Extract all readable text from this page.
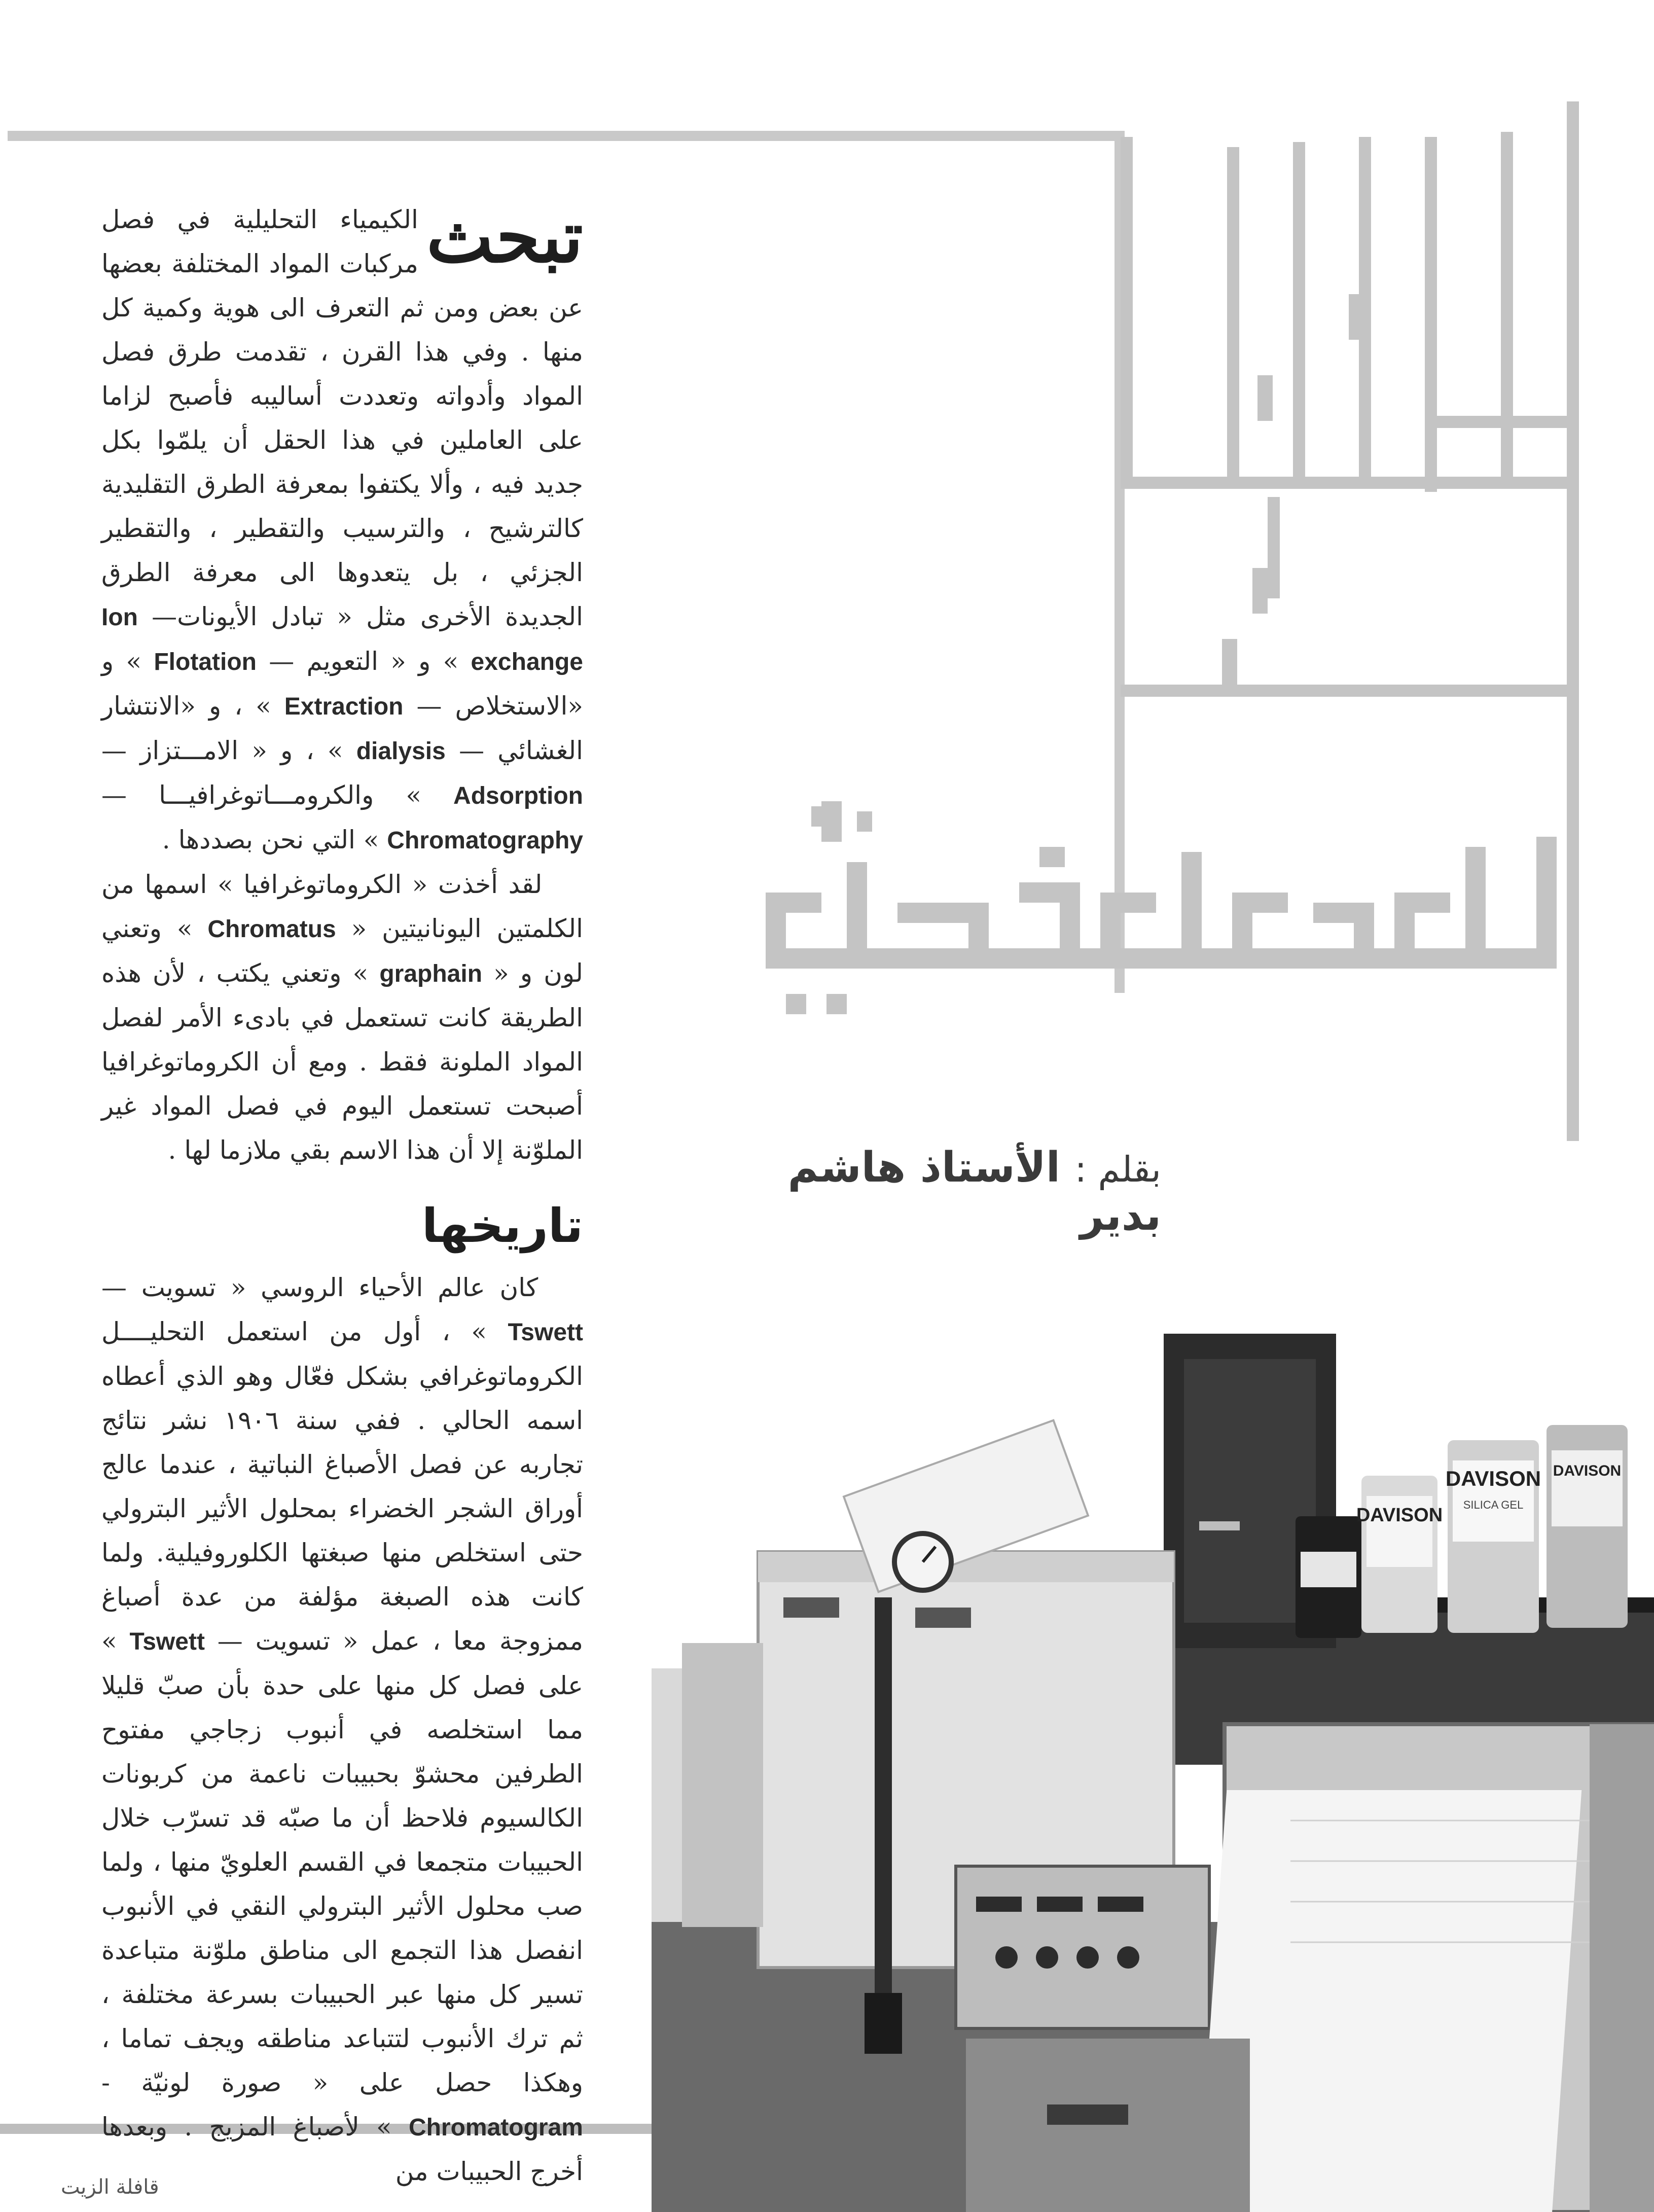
بقلم : الأستاذ هاشم بدير

تبحث
الكيمياء التحليلية في فصل مركبات المواد المختلفة بعضها عن بعض ومن ثم التعرف الى هوية وكمية كل منها . وفي هذا القرن ، تقدمت طرق فصل المواد وأدواته وتعددت أساليبه فأصبح لزاما على العاملين في هذا الحقل أن يلمّوا بكل جديد فيه ، وألا يكتفوا بمعرفة الطرق التقليدية كالترشيح ، والترسيب والتقطير ، والتقطير الجزئي ، بل يتعدوها الى معرفة الطرق الجديدة الأخرى مثل « تبادل الأيونات— Ion exchange » و « التعويم — Flotation » و «الاستخلاص — Extraction » ، و «الانتشار الغشائي — dialysis » ، و « الامـــتزاز — Adsorption » والكرومـــاتوغرافيـــا — Chromatography » التي نحن بصددها .

لقد أخذت « الكروماتوغرافيا » اسمها من الكلمتين اليونانيتين « Chromatus » وتعني لون و « graphain » وتعني يكتب ، لأن هذه الطريقة كانت تستعمل في بادىء الأمر لفصل المواد الملونة فقط . ومع أن الكروماتوغرافيا أصبحت تستعمل اليوم في فصل المواد غير الملوّنة إلا أن هذا الاسم بقي ملازما لها .

تاريخها

كان عالم الأحياء الروسي « تسويت — Tswett » ، أول من استعمل التحليــــل الكروماتوغرافي بشكل فعّال وهو الذي أعطاه اسمه الحالي . ففي سنة ١٩٠٦ نشر نتائج تجاربه عن فصل الأصباغ النباتية ، عندما عالج أوراق الشجر الخضراء بمحلول الأثير البترولي حتى استخلص منها صبغتها الكلوروفيلية. ولما كانت هذه الصبغة مؤلفة من عدة أصباغ ممزوجة معا ، عمل « تسويت — Tswett » على فصل كل منها على حدة بأن صبّ قليلا مما استخلصه في أنبوب زجاجي مفتوح الطرفين محشوّ بحبيبات ناعمة من كربونات الكالسيوم فلاحظ أن ما صبّه قد تسرّب خلال الحبيبات متجمعا في القسم العلويّ منها ، ولما صب محلول الأثير البترولي النقي في الأنبوب انفصل هذا التجمع الى مناطق ملوّنة متباعدة تسير كل منها عبر الحبيبات بسرعة مختلفة ، ثم ترك الأنبوب لتتباعد مناطقه ويجف تماما ، وهكذا حصل على « صورة لونيّة - Chromatogram » لأصباغ المزيج . وبعدها أخرج الحبيبات من

DAVISON
DAVISON
SILICA GEL
DAVISON
قافلة الزيت
